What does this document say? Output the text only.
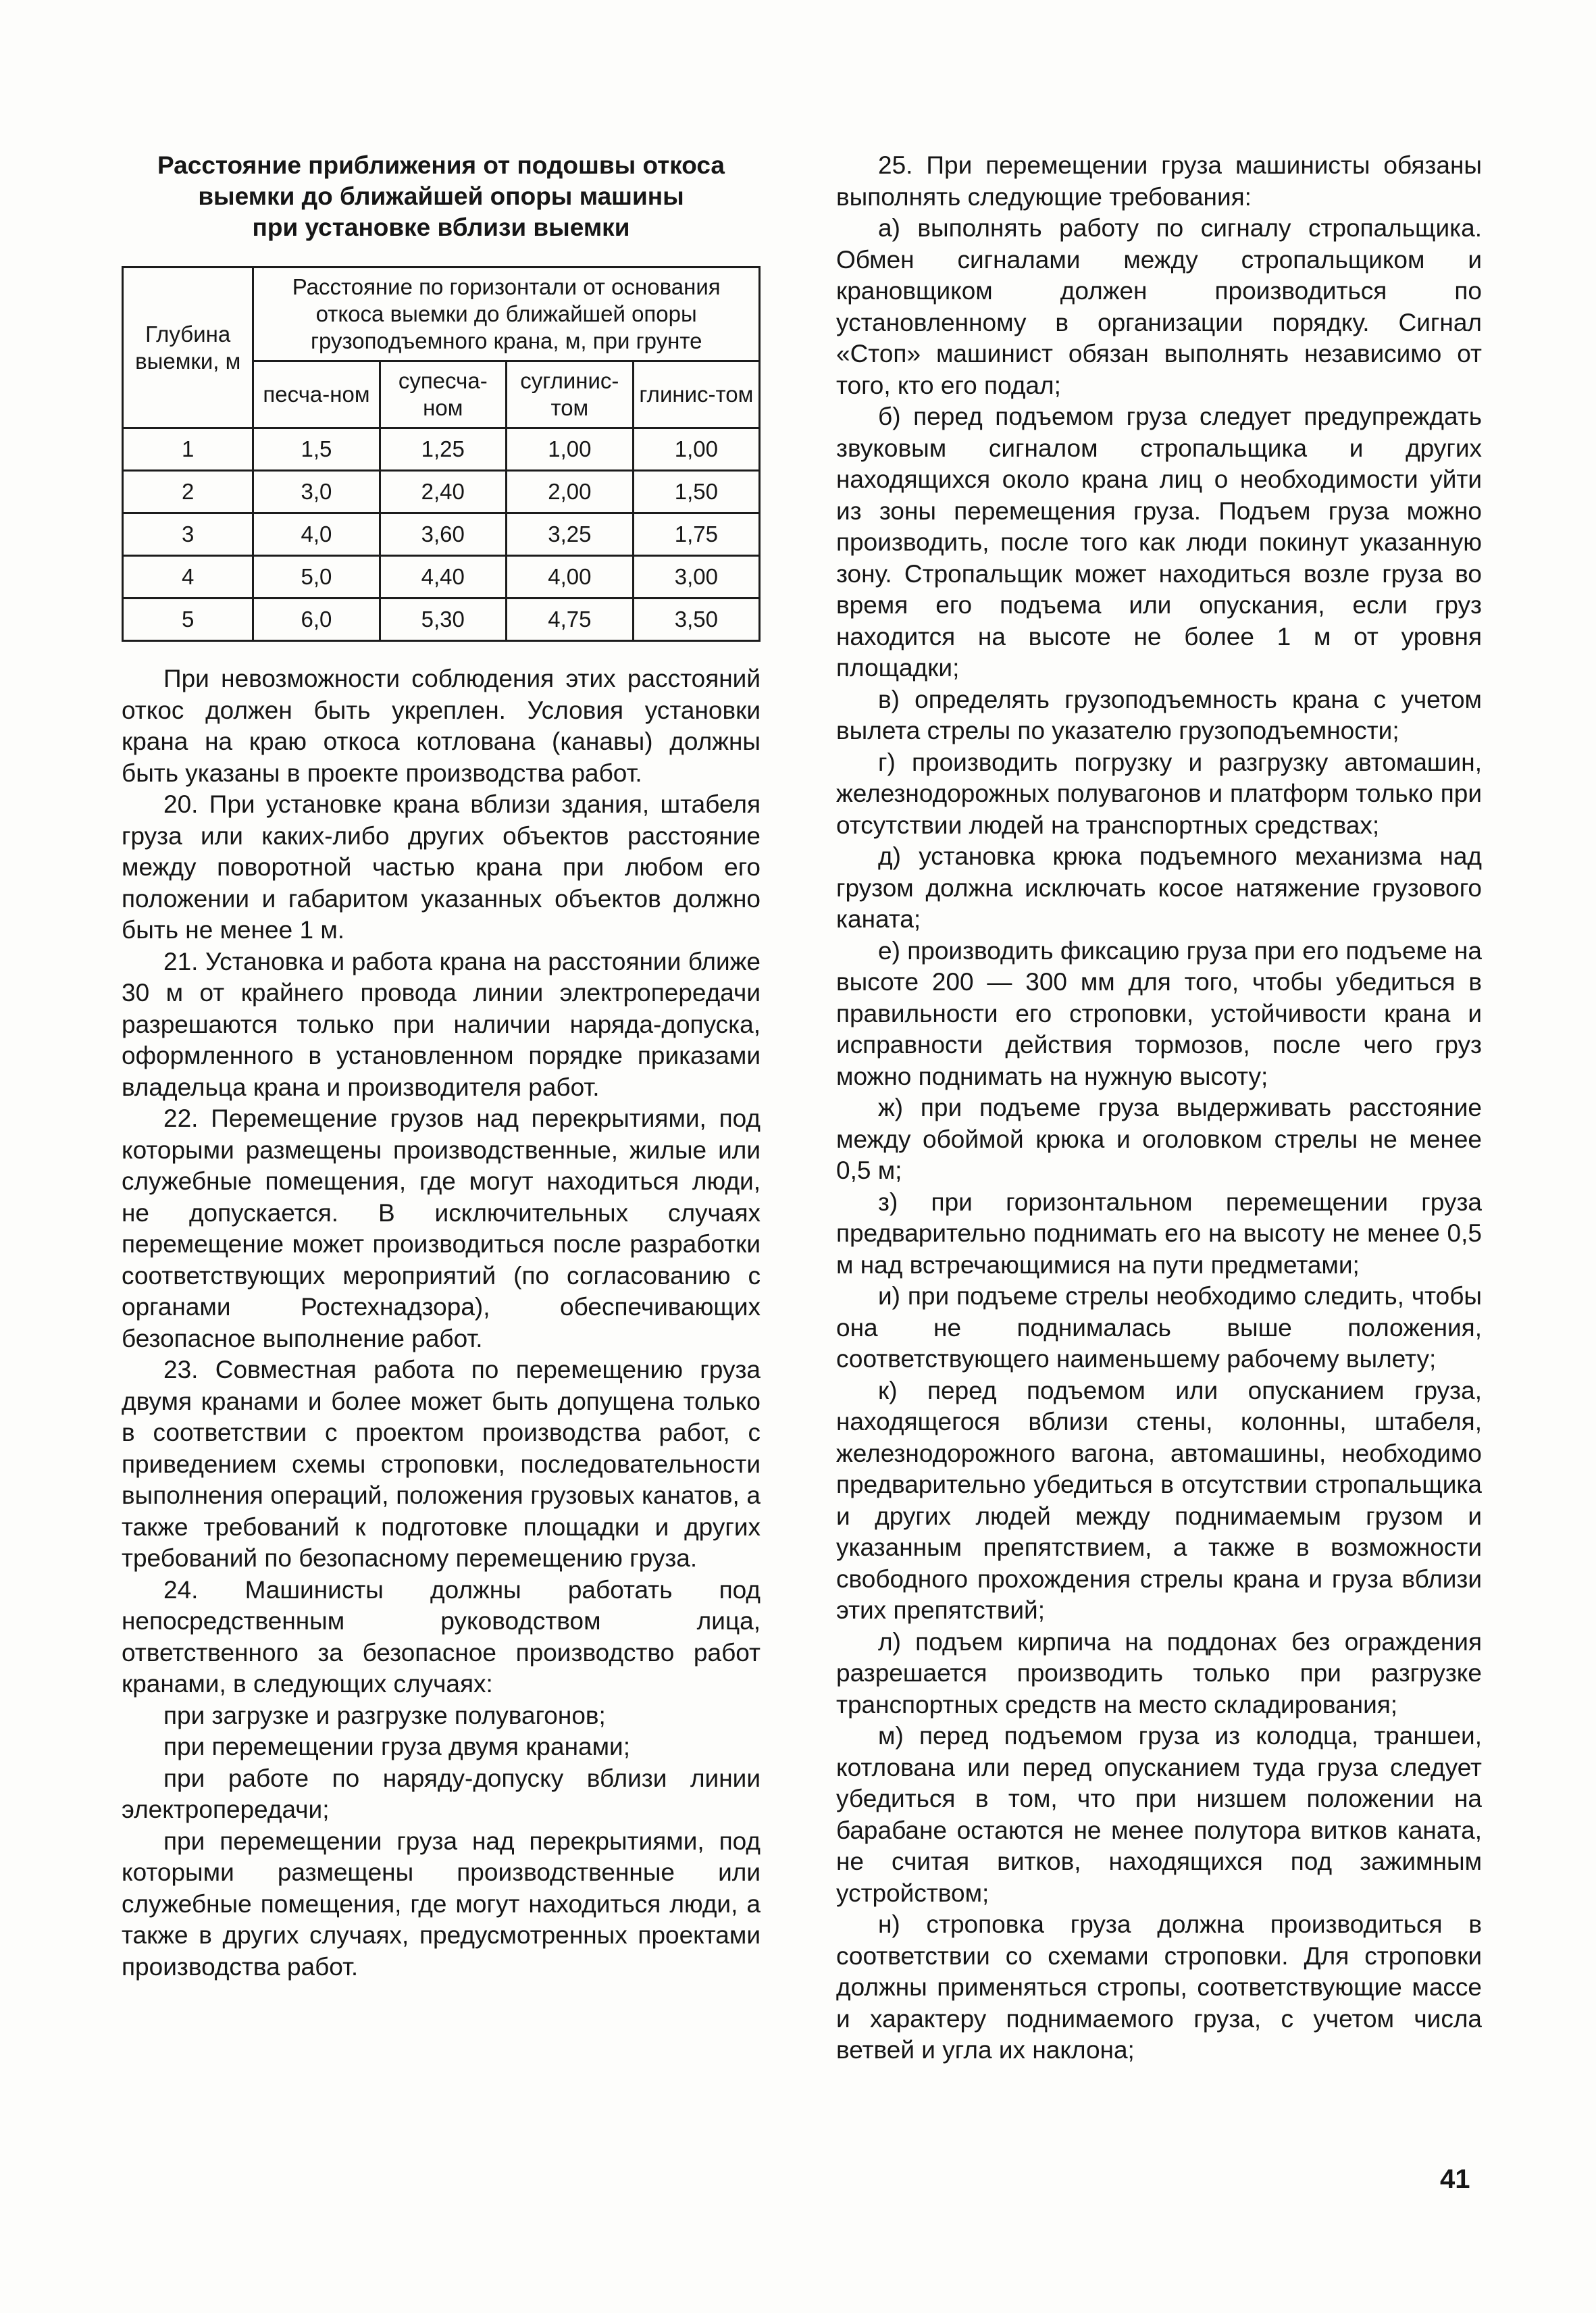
Расстояние приближения от подошвы откоса
выемки до ближайшей опоры машины
при установке вблизи выемки
Глубина выемки, м	Расстояние по горизонтали от основания откоса выемки до ближайшей опоры грузоподъемного крана, м, при грунте			
	песча-ном	супесча-ном	суглинис-том	глинис-том
1	1,5	1,25	1,00	1,00
2	3,0	2,40	2,00	1,50
3	4,0	3,60	3,25	1,75
4	5,0	4,40	4,00	3,00
5	6,0	5,30	4,75	3,50

При невозможности соблюдения этих расстояний откос должен быть укреплен. Условия установки крана на краю откоса котлована (канавы) должны быть указаны в проекте производства работ.

20. При установке крана вблизи здания, штабеля груза или каких-либо других объектов расстояние между поворотной частью крана при любом его положении и габаритом указанных объектов должно быть не менее 1 м.

21. Установка и работа крана на расстоянии ближе 30 м от крайнего провода линии электропередачи разрешаются только при наличии наряда-допуска, оформленного в установленном порядке приказами владельца крана и производителя работ.

22. Перемещение грузов над перекрытиями, под которыми размещены производственные, жилые или служебные помещения, где могут находиться люди, не допускается. В исключительных случаях перемещение может производиться после разработки соответствующих мероприятий (по согласованию с органами Ростехнадзора), обеспечивающих безопасное выполнение работ.

23. Совместная работа по перемещению груза двумя кранами и более может быть допущена только в соответствии с проектом производства работ, с приведением схемы строповки, последовательности выполнения операций, положения грузовых канатов, а также требований к подготовке площадки и других требований по безопасному перемещению груза.

24. Машинисты должны работать под непосредственным руководством лица, ответственного за безопасное производство работ кранами, в следующих случаях:

при загрузке и разгрузке полувагонов;

при перемещении груза двумя кранами;

при работе по наряду-допуску вблизи линии электропередачи;

при перемещении груза над перекрытиями, под которыми размещены производственные или служебные помещения, где могут находиться люди, а также в других случаях, предусмотренных проектами производства работ.

25. При перемещении груза машинисты обязаны выполнять следующие требования:

а) выполнять работу по сигналу стропальщика. Обмен сигналами между стропальщиком и крановщиком должен производиться по установленному в организации порядку. Сигнал «Стоп» машинист обязан выполнять независимо от того, кто его подал;

б) перед подъемом груза следует предупреждать звуковым сигналом стропальщика и других находящихся около крана лиц о необходимости уйти из зоны перемещения груза. Подъем груза можно производить, после того как люди покинут указанную зону. Стропальщик может находиться возле груза во время его подъема или опускания, если груз находится на высоте не более 1 м от уровня площадки;

в) определять грузоподъемность крана с учетом вылета стрелы по указателю грузоподъемности;

г) производить погрузку и разгрузку автомашин, железнодорожных полувагонов и платформ только при отсутствии людей на транспортных средствах;

д) установка крюка подъемного механизма над грузом должна исключать косое натяжение грузового каната;

е) производить фиксацию груза при его подъеме на высоте 200 — 300 мм для того, чтобы убедиться в правильности его строповки, устойчивости крана и исправности действия тормозов, после чего груз можно поднимать на нужную высоту;

ж) при подъеме груза выдерживать расстояние между обоймой крюка и оголовком стрелы не менее 0,5 м;

з) при горизонтальном перемещении груза предварительно поднимать его на высоту не менее 0,5 м над встречающимися на пути предметами;

и) при подъеме стрелы необходимо следить, чтобы она не поднималась выше положения, соответствующего наименьшему рабочему вылету;

к) перед подъемом или опусканием груза, находящегося вблизи стены, колонны, штабеля, железнодорожного вагона, автомашины, необходимо предварительно убедиться в отсутствии стропальщика и других людей между поднимаемым грузом и указанным препятствием, а также в возможности свободного прохождения стрелы крана и груза вблизи этих препятствий;

л) подъем кирпича на поддонах без ограждения разрешается производить только при разгрузке транспортных средств на место складирования;

м) перед подъемом груза из колодца, траншеи, котлована или перед опусканием туда груза следует убедиться в том, что при низшем положении на барабане остаются не менее полутора витков каната, не считая витков, находящихся под зажимным устройством;

н) строповка груза должна производиться в соответствии со схемами строповки. Для строповки должны применяться стропы, соответствующие массе и характеру поднимаемого груза, с учетом числа ветвей и угла их наклона;

41
